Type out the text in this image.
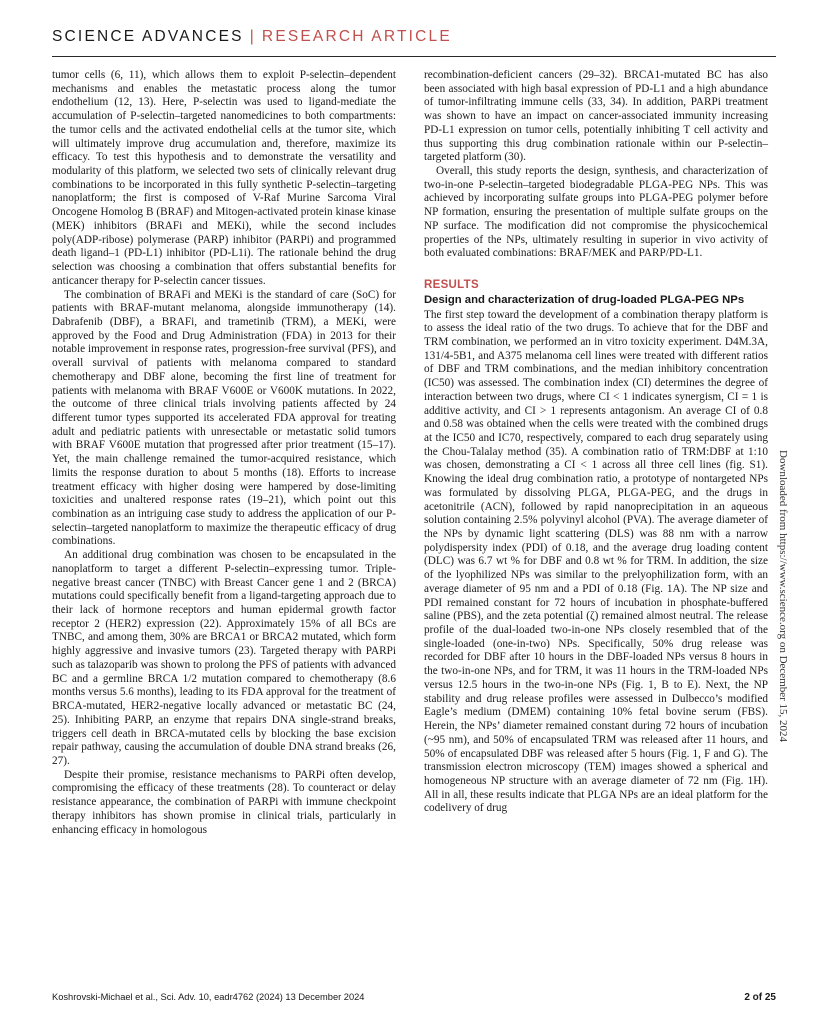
SCIENCE ADVANCES | RESEARCH ARTICLE

tumor cells (6, 11), which allows them to exploit P-selectin–dependent mechanisms and enables the metastatic process along the tumor endothelium (12, 13). Here, P-selectin was used to ligand-mediate the accumulation of P-selectin–targeted nanomedicines to both compartments: the tumor cells and the activated endothelial cells at the tumor site, which will ultimately improve drug accumulation and, therefore, maximize its efficacy. To test this hypothesis and to demonstrate the versatility and modularity of this platform, we selected two sets of clinically relevant drug combinations to be incorporated in this fully synthetic P-selectin–targeting nanoplatform; the first is composed of V-Raf Murine Sarcoma Viral Oncogene Homolog B (BRAF) and Mitogen-activated protein kinase kinase (MEK) inhibitors (BRAFi and MEKi), while the second includes poly(ADP-ribose) polymerase (PARP) inhibitor (PARPi) and programmed death ligand–1 (PD-L1) inhibitor (PD-L1i). The rationale behind the drug selection was choosing a combination that offers substantial benefits for anticancer therapy for P-selectin cancer tissues.

The combination of BRAFi and MEKi is the standard of care (SoC) for patients with BRAF-mutant melanoma, alongside immunotherapy (14). Dabrafenib (DBF), a BRAFi, and trametinib (TRM), a MEKi, were approved by the Food and Drug Administration (FDA) in 2013 for their notable improvement in response rates, progression-free survival (PFS), and overall survival of patients with melanoma compared to standard chemotherapy and DBF alone, becoming the first line of treatment for patients with melanoma with BRAF V600E or V600K mutations. In 2022, the outcome of three clinical trials involving patients affected by 24 different tumor types supported its accelerated FDA approval for treating adult and pediatric patients with unresectable or metastatic solid tumors with BRAF V600E mutation that progressed after prior treatment (15–17). Yet, the main challenge remained the tumor-acquired resistance, which limits the response duration to about 5 months (18). Efforts to increase treatment efficacy with higher dosing were hampered by dose-limiting toxicities and unaltered response rates (19–21), which point out this combination as an intriguing case study to address the application of our P-selectin–targeted nanoplatform to maximize the therapeutic efficacy of drug combinations.

An additional drug combination was chosen to be encapsulated in the nanoplatform to target a different P-selectin–expressing tumor. Triple-negative breast cancer (TNBC) with Breast Cancer gene 1 and 2 (BRCA) mutations could specifically benefit from a ligand-targeting approach due to their lack of hormone receptors and human epidermal growth factor receptor 2 (HER2) expression (22). Approximately 15% of all BCs are TNBC, and among them, 30% are BRCA1 or BRCA2 mutated, which form highly aggressive and invasive tumors (23). Targeted therapy with PARPi such as talazoparib was shown to prolong the PFS of patients with advanced BC and a germline BRCA 1/2 mutation compared to chemotherapy (8.6 months versus 5.6 months), leading to its FDA approval for the treatment of BRCA-mutated, HER2-negative locally advanced or metastatic BC (24, 25). Inhibiting PARP, an enzyme that repairs DNA single-strand breaks, triggers cell death in BRCA-mutated cells by blocking the base excision repair pathway, causing the accumulation of double DNA strand breaks (26, 27).

Despite their promise, resistance mechanisms to PARPi often develop, compromising the efficacy of these treatments (28). To counteract or delay resistance appearance, the combination of PARPi with immune checkpoint therapy inhibitors has shown promise in clinical trials, particularly in enhancing efficacy in homologous

recombination-deficient cancers (29–32). BRCA1-mutated BC has also been associated with high basal expression of PD-L1 and a high abundance of tumor-infiltrating immune cells (33, 34). In addition, PARPi treatment was shown to have an impact on cancer-associated immunity increasing PD-L1 expression on tumor cells, potentially inhibiting T cell activity and thus supporting this drug combination rationale within our P-selectin–targeted platform (30).

Overall, this study reports the design, synthesis, and characterization of two-in-one P-selectin–targeted biodegradable PLGA-PEG NPs. This was achieved by incorporating sulfate groups into PLGA-PEG polymer before NP formation, ensuring the presentation of multiple sulfate groups on the NP surface. The modification did not compromise the physicochemical properties of the NPs, ultimately resulting in superior in vivo activity of both evaluated combinations: BRAF/MEK and PARP/PD-L1.

RESULTS
Design and characterization of drug-loaded PLGA-PEG NPs

The first step toward the development of a combination therapy platform is to assess the ideal ratio of the two drugs. To achieve that for the DBF and TRM combination, we performed an in vitro toxicity experiment. D4M.3A, 131/4-5B1, and A375 melanoma cell lines were treated with different ratios of DBF and TRM combinations, and the median inhibitory concentration (IC50) was assessed. The combination index (CI) determines the degree of interaction between two drugs, where CI < 1 indicates synergism, CI = 1 is additive activity, and CI > 1 represents antagonism. An average CI of 0.8 and 0.58 was obtained when the cells were treated with the combined drugs at the IC50 and IC70, respectively, compared to each drug separately using the Chou-Talalay method (35). A combination ratio of TRM:DBF at 1:10 was chosen, demonstrating a CI < 1 across all three cell lines (fig. S1). Knowing the ideal drug combination ratio, a prototype of nontargeted NPs was formulated by dissolving PLGA, PLGA-PEG, and the drugs in acetonitrile (ACN), followed by rapid nanoprecipitation in an aqueous solution containing 2.5% polyvinyl alcohol (PVA). The average diameter of the NPs by dynamic light scattering (DLS) was 88 nm with a narrow polydispersity index (PDI) of 0.18, and the average drug loading content (DLC) was 6.7 wt % for DBF and 0.8 wt % for TRM. In addition, the size of the lyophilized NPs was similar to the prelyophilization form, with an average diameter of 95 nm and a PDI of 0.18 (Fig. 1A). The NP size and PDI remained constant for 72 hours of incubation in phosphate-buffered saline (PBS), and the zeta potential (ζ) remained almost neutral. The release profile of the dual-loaded two-in-one NPs closely resembled that of the single-loaded (one-in-two) NPs. Specifically, 50% drug release was recorded for DBF after 10 hours in the DBF-loaded NPs versus 8 hours in the two-in-one NPs, and for TRM, it was 11 hours in the TRM-loaded NPs versus 12.5 hours in the two-in-one NPs (Fig. 1, B to E). Next, the NP stability and drug release profiles were assessed in Dulbecco’s modified Eagle’s medium (DMEM) containing 10% fetal bovine serum (FBS). Herein, the NPs’ diameter remained constant during 72 hours of incubation (~95 nm), and 50% of encapsulated TRM was released after 11 hours, and 50% of encapsulated DBF was released after 5 hours (Fig. 1, F and G). The transmission electron microscopy (TEM) images showed a spherical and homogeneous NP structure with an average diameter of 72 nm (Fig. 1H). All in all, these results indicate that PLGA NPs are an ideal platform for the codelivery of drug

Downloaded from https://www.science.org on December 15, 2024
Koshrovski-Michael et al., Sci. Adv. 10, eadr4762 (2024) 13 December 2024	2 of 25
